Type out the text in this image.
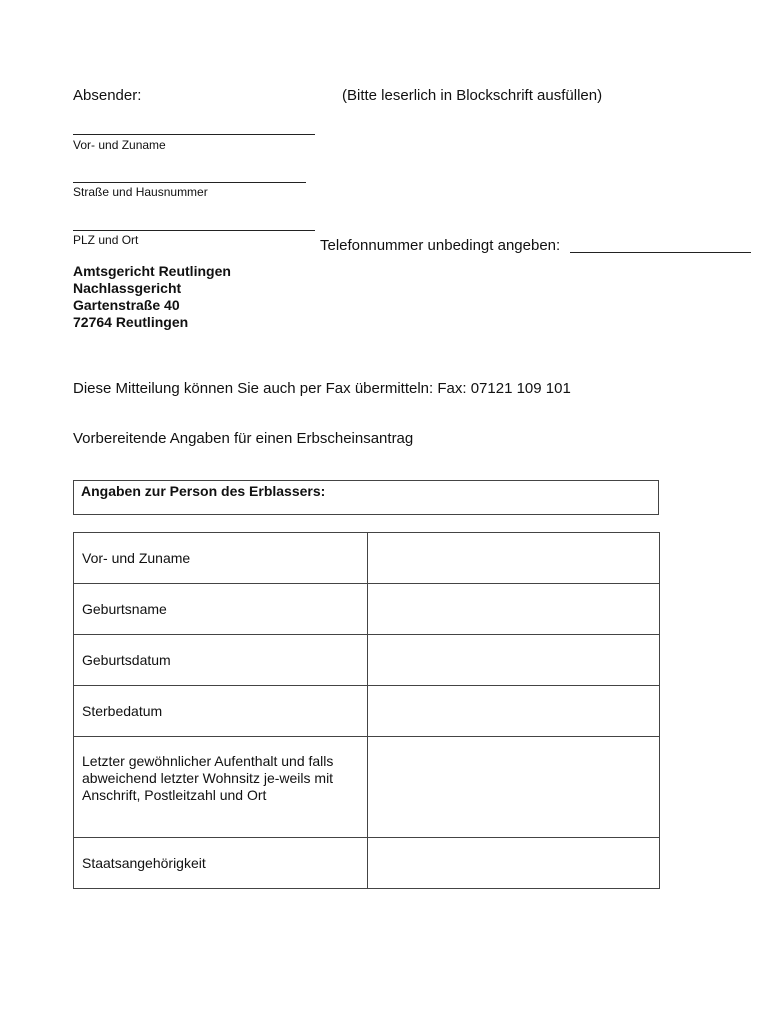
Absender:	(Bitte leserlich in Blockschrift ausfüllen)
Vor- und Zuname
Straße und Hausnummer
PLZ und Ort	Telefonnummer unbedingt angeben:
Amtsgericht Reutlingen
Nachlassgericht
Gartenstraße 40
72764 Reutlingen
Diese Mitteilung können Sie auch per Fax übermitteln: Fax: 07121 109 101
Vorbereitende Angaben für einen Erbscheinsantrag
Angaben zur Person des Erblassers:
Vor- und Zuname	
Geburtsname	
Geburtsdatum	
Sterbedatum	
Letzter gewöhnlicher Aufenthalt und falls abweichend letzter Wohnsitz je-weils mit Anschrift, Postleitzahl und Ort	
Staatsangehörigkeit	
